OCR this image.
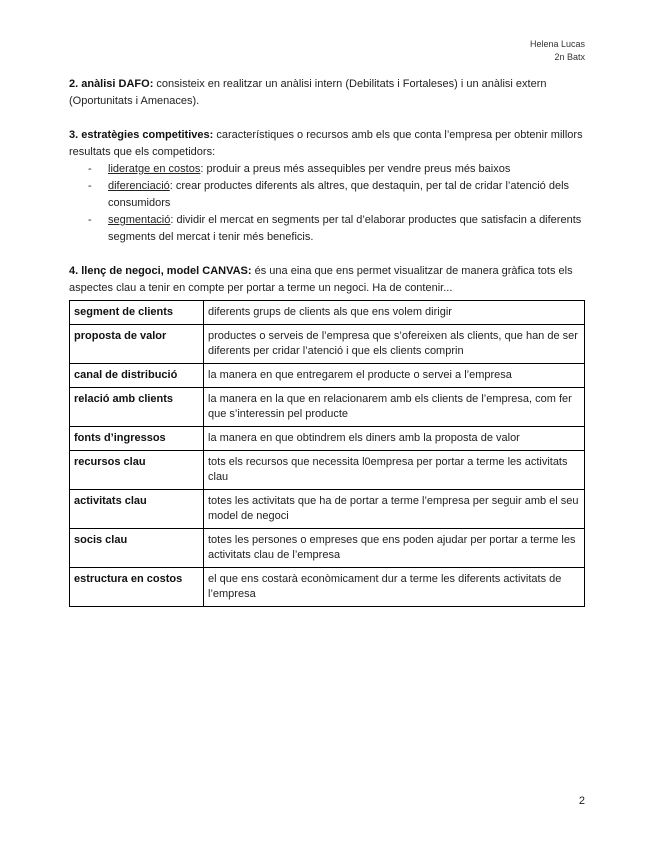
Helena Lucas
2n Batx

2. anàlisi DAFO: consisteix en realitzar un anàlisi intern (Debilitats i Fortaleses) i un anàlisi extern (Oportunitats i Amenaces).

3. estratègies competitives: característiques o recursos amb els que conta l’empresa per obtenir millors resultats que els competidors:

- lideratge en costos: produir a preus més assequibles per vendre preus més baixos
- diferenciació: crear productes diferents als altres, que destaquin, per tal de cridar l’atenció dels consumidors
- segmentació: dividir el mercat en segments per tal d’elaborar productes que satisfacin a diferents segments del mercat i tenir més beneficis.

4. llenç de negoci, model CANVAS: és una eina que ens permet visualitzar de manera gràfica tots els aspectes clau a tenir en compte per portar a terme un negoci. Ha de contenir...

segment de clients	diferents grups de clients als que ens volem dirigir
proposta de valor	productes o serveis de l’empresa que s’ofereixen als clients, que han de ser diferents per cridar l’atenció i que els clients comprin
canal de distribució	la manera en que entregarem el producte o servei a l’empresa
relació amb clients	la manera en la que en relacionarem amb els clients de l’empresa, com fer que s’interessin pel producte
fonts d’ingressos	la manera en que obtindrem els diners amb la proposta de valor
recursos clau	tots els recursos que necessita l0empresa per portar a terme les activitats clau
activitats clau	totes les activitats que ha de portar a terme l’empresa per seguir amb el seu model de negoci
socis clau	totes les persones o empreses que ens poden ajudar per portar a terme les activitats clau de l’empresa
estructura en costos	el que ens costarà econòmicament dur a terme les diferents activitats de l’empresa
2
